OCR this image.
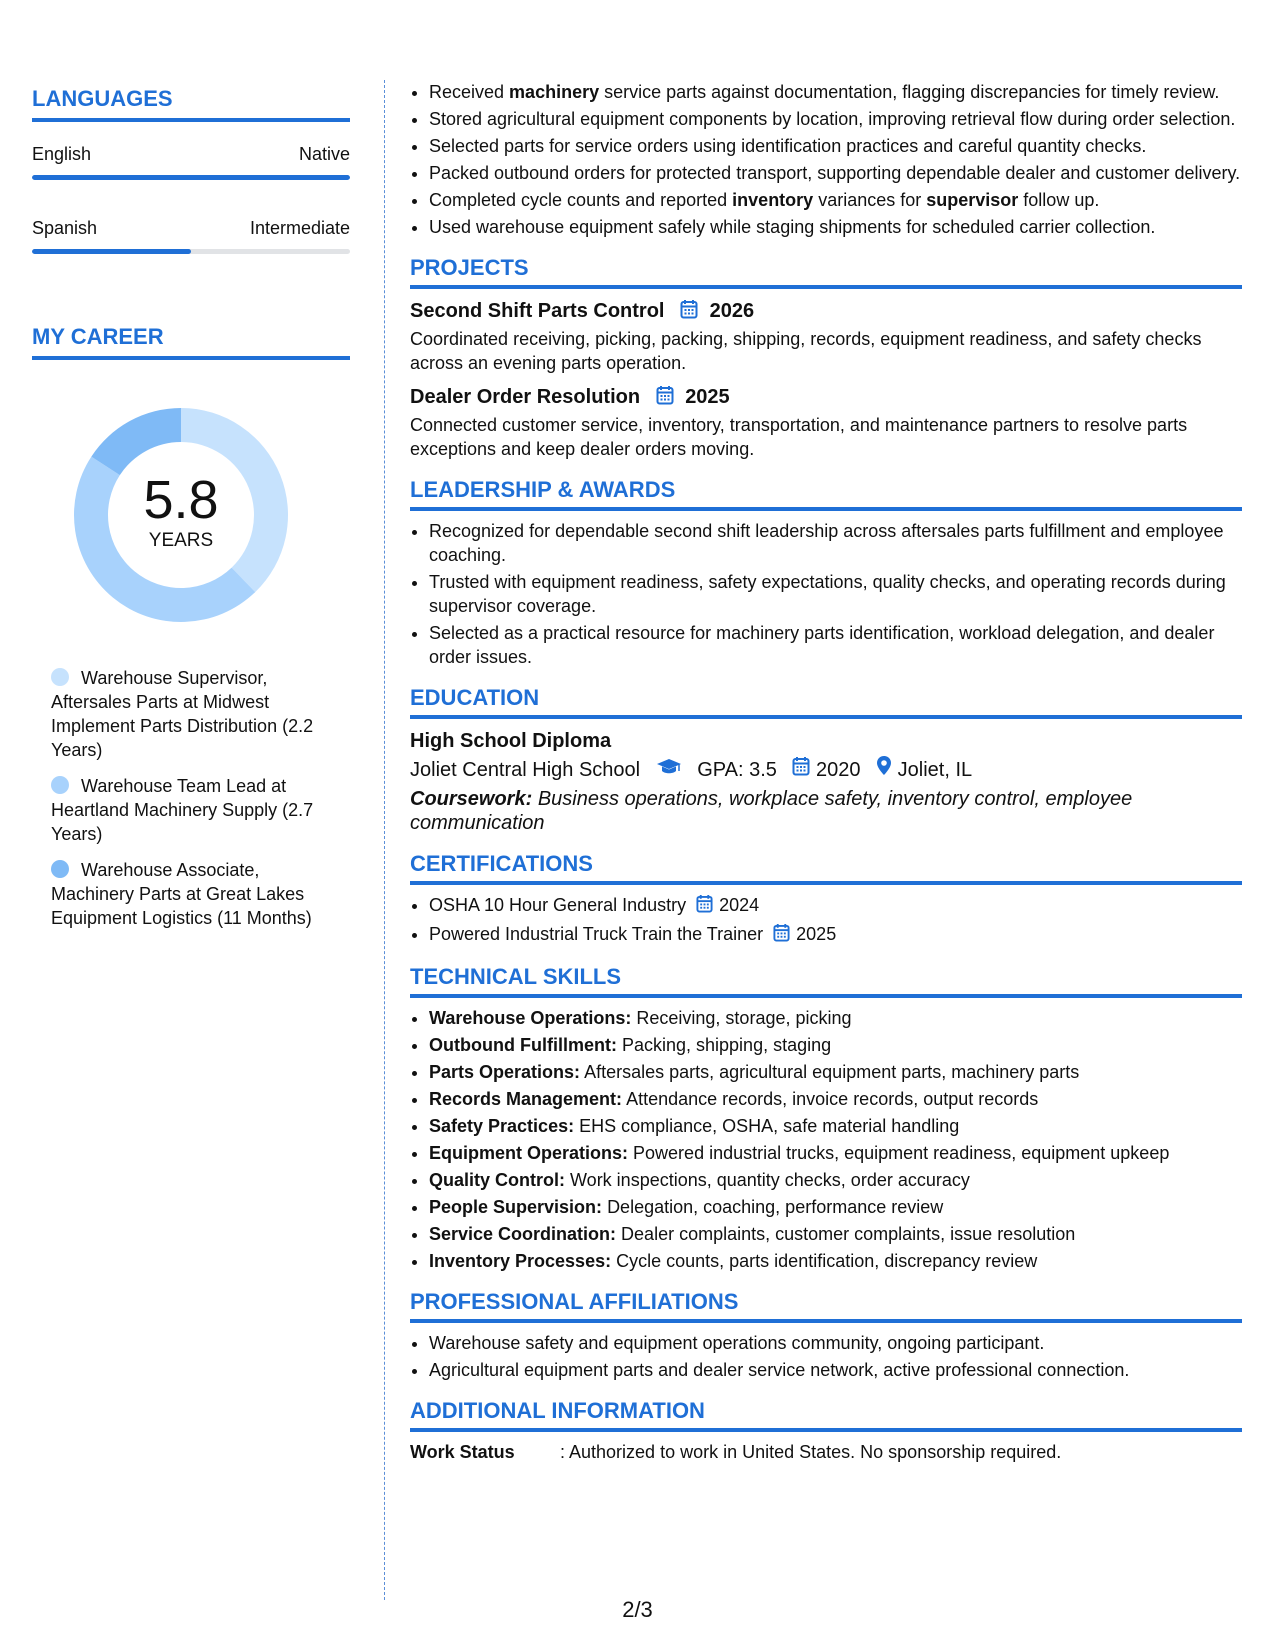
LANGUAGES
English	Native
Spanish	Intermediate
MY CAREER
5.8
YEARS
Warehouse Supervisor, Aftersales Parts at Midwest Implement Parts Distribution (2.2 Years)
Warehouse Team Lead at Heartland Machinery Supply (2.7 Years)
Warehouse Associate, Machinery Parts at Great Lakes Equipment Logistics (11 Months)
• Received machinery service parts against documentation, flagging discrepancies for timely review.
• Stored agricultural equipment components by location, improving retrieval flow during order selection.
• Selected parts for service orders using identification practices and careful quantity checks.
• Packed outbound orders for protected transport, supporting dependable dealer and customer delivery.
• Completed cycle counts and reported inventory variances for supervisor follow up.
• Used warehouse equipment safely while staging shipments for scheduled carrier collection.
PROJECTS
Second Shift Parts Control 2026
Coordinated receiving, picking, packing, shipping, records, equipment readiness, and safety checks across an evening parts operation.
Dealer Order Resolution 2025
Connected customer service, inventory, transportation, and maintenance partners to resolve parts exceptions and keep dealer orders moving.
LEADERSHIP & AWARDS
• Recognized for dependable second shift leadership across aftersales parts fulfillment and employee coaching.
• Trusted with equipment readiness, safety expectations, quality checks, and operating records during supervisor coverage.
• Selected as a practical resource for machinery parts identification, workload delegation, and dealer order issues.
EDUCATION
High School Diploma
Joliet Central High School	GPA: 3.5 2020 Joliet, IL
Coursework: Business operations, workplace safety, inventory control, employee communication
CERTIFICATIONS
• OSHA 10 Hour General Industry 2024
• Powered Industrial Truck Train the Trainer 2025
TECHNICAL SKILLS
• Warehouse Operations: Receiving, storage, picking
• Outbound Fulfillment: Packing, shipping, staging
• Parts Operations: Aftersales parts, agricultural equipment parts, machinery parts
• Records Management: Attendance records, invoice records, output records
• Safety Practices: EHS compliance, OSHA, safe material handling
• Equipment Operations: Powered industrial trucks, equipment readiness, equipment upkeep
• Quality Control: Work inspections, quantity checks, order accuracy
• People Supervision: Delegation, coaching, performance review
• Service Coordination: Dealer complaints, customer complaints, issue resolution
• Inventory Processes: Cycle counts, parts identification, discrepancy review
PROFESSIONAL AFFILIATIONS
• Warehouse safety and equipment operations community, ongoing participant.
• Agricultural equipment parts and dealer service network, active professional connection.
ADDITIONAL INFORMATION
Work Status	: Authorized to work in United States. No sponsorship required.
2/3
